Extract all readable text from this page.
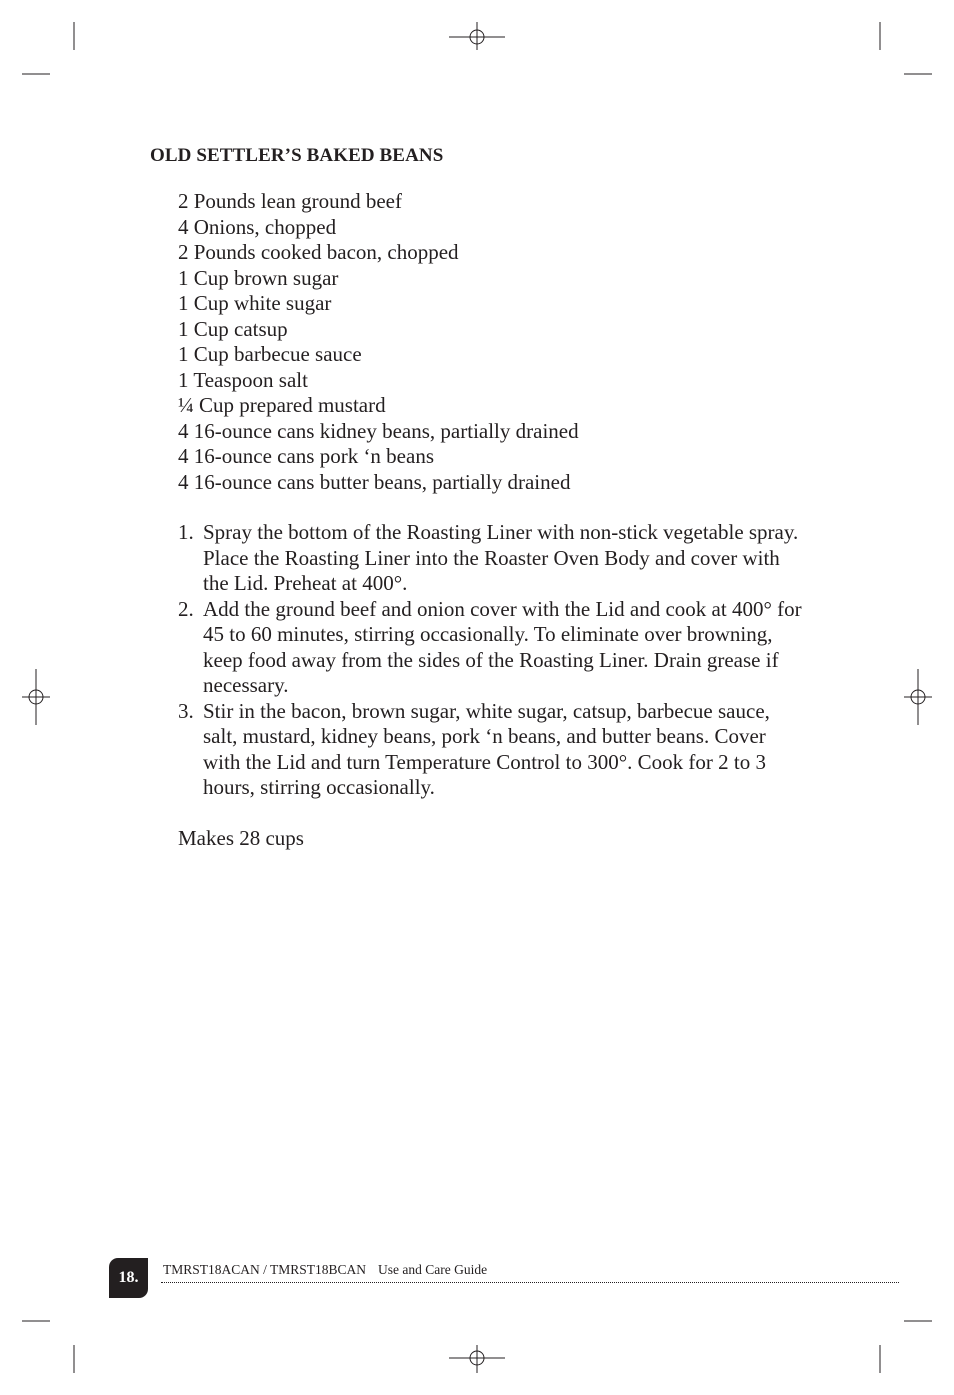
OLD SETTLER’S BAKED BEANS
2 Pounds lean ground beef
4 Onions, chopped
2 Pounds cooked bacon, chopped
1 Cup brown sugar
1 Cup white sugar
1 Cup catsup
1 Cup barbecue sauce
1 Teaspoon salt
¼ Cup prepared mustard
4 16-ounce cans kidney beans, partially drained
4 16-ounce cans pork ‘n beans
4 16-ounce cans butter beans, partially drained
1. Spray the bottom of the Roasting Liner with non-stick vegetable spray. Place the Roasting Liner into the Roaster Oven Body and cover with the Lid. Preheat at 400°.
2. Add the ground beef and onion cover with the Lid and cook at 400° for 45 to 60 minutes, stirring occasionally. To eliminate over browning, keep food away from the sides of the Roasting Liner. Drain grease if necessary.
3. Stir in the bacon, brown sugar, white sugar, catsup, barbecue sauce, salt, mustard, kidney beans, pork ‘n beans, and butter beans. Cover with the Lid and turn Temperature Control to 300°. Cook for 2 to 3 hours, stirring occasionally.
Makes 28 cups
18.	TMRST18ACAN / TMRST18BCAN Use and Care Guide
